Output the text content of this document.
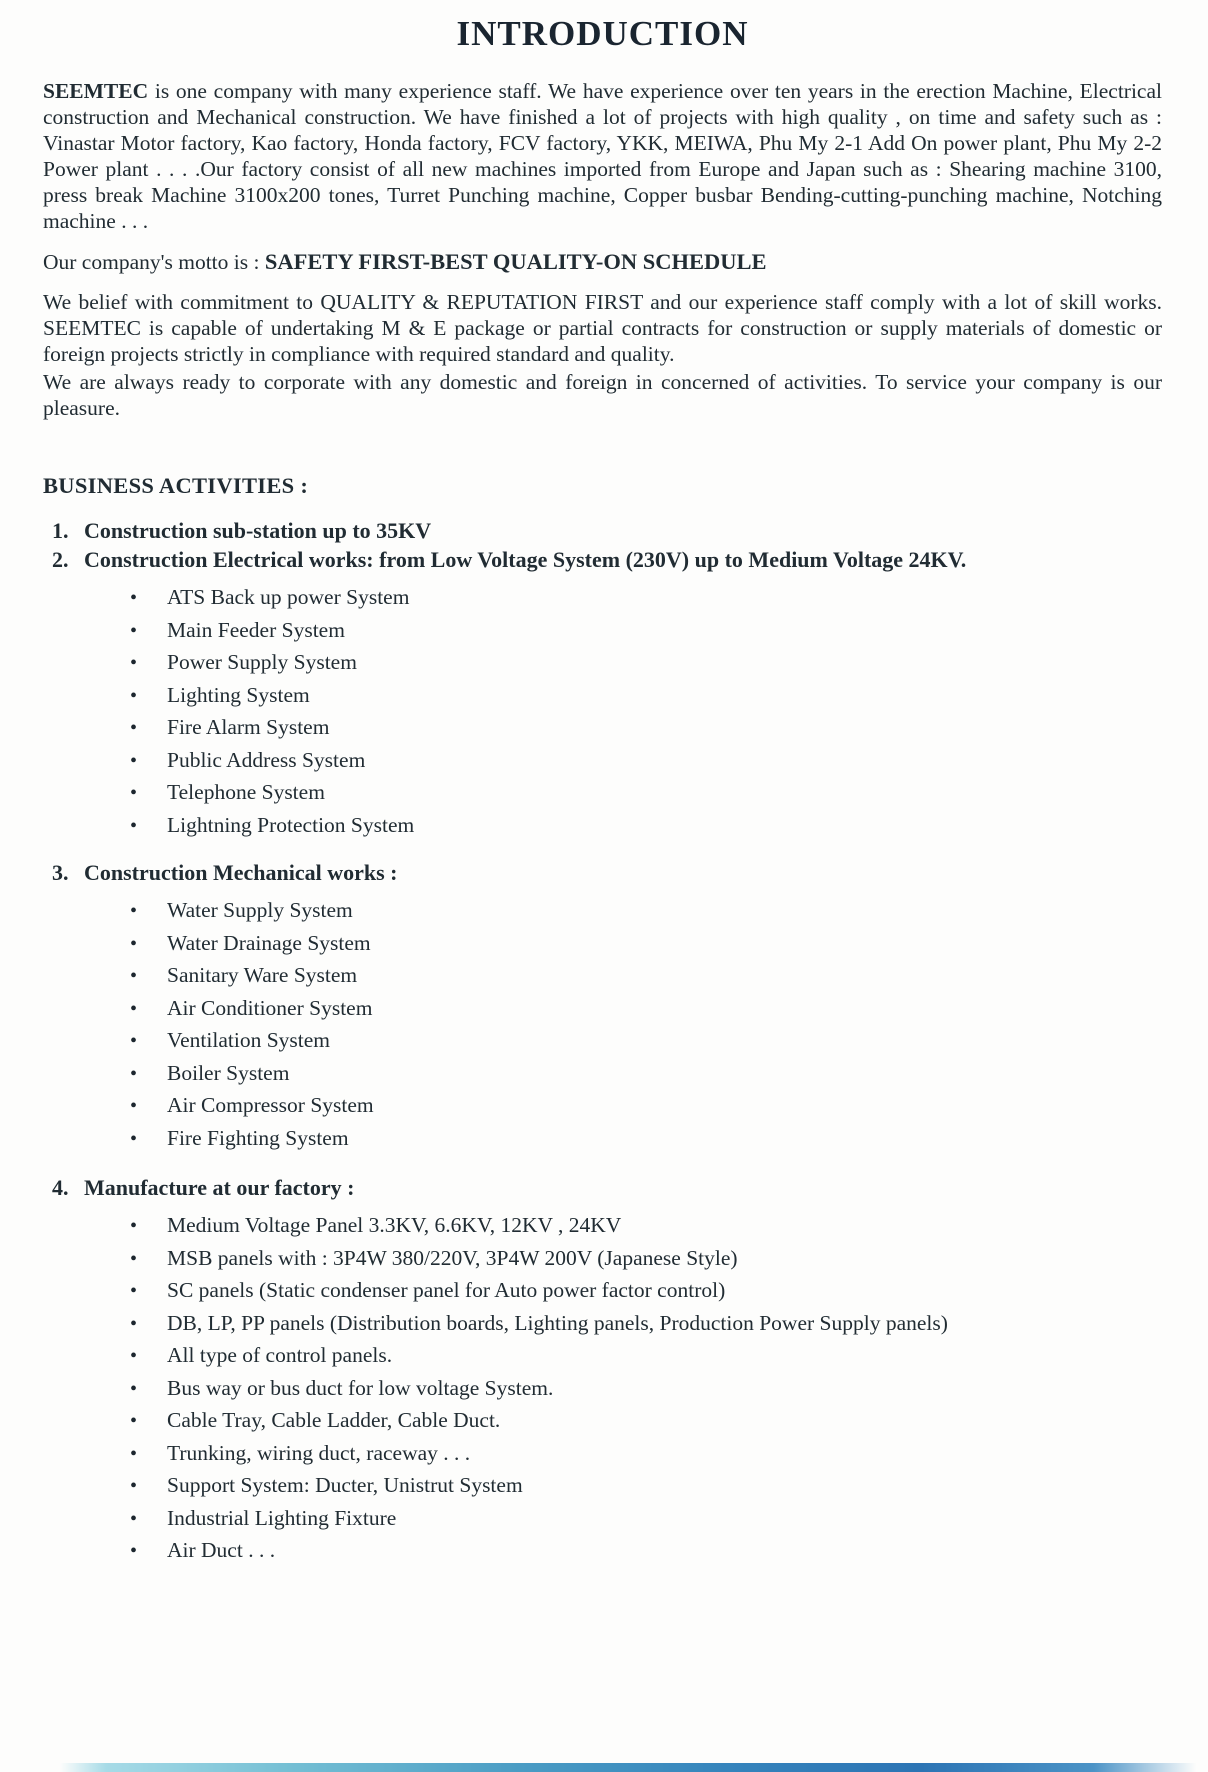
INTRODUCTION

SEEMTEC is one company with many experience staff. We have experience over ten years in the erection Machine, Electrical construction and Mechanical construction. We have finished a lot of projects with high quality , on time and safety such as : Vinastar Motor factory, Kao factory, Honda factory, FCV factory, YKK, MEIWA, Phu My 2-1 Add On power plant, Phu My 2-2 Power plant . . . .Our factory consist of all new machines imported from Europe and Japan such as : Shearing machine 3100, press break Machine 3100x200 tones, Turret Punching machine, Copper busbar Bending-cutting-punching machine, Notching machine . . .

Our company's motto is : SAFETY FIRST-BEST QUALITY-ON SCHEDULE

We belief with commitment to QUALITY & REPUTATION FIRST and our experience staff comply with a lot of skill works. SEEMTEC is capable of undertaking M & E package or partial contracts for construction or supply materials of domestic or foreign projects strictly in compliance with required standard and quality.

We are always ready to corporate with any domestic and foreign in concerned of activities. To service your company is our pleasure.

BUSINESS ACTIVITIES :
1. Construction sub-station up to 35KV
2. Construction Electrical works: from Low Voltage System (230V) up to Medium Voltage 24KV.
•	ATS Back up power System
•	Main Feeder System
•	Power Supply System
•	Lighting System
•	Fire Alarm System
•	Public Address System
•	Telephone System
•	Lightning Protection System
3. Construction Mechanical works :
•	Water Supply System
•	Water Drainage System
•	Sanitary Ware System
•	Air Conditioner System
•	Ventilation System
•	Boiler System
•	Air Compressor System
•	Fire Fighting System
4. Manufacture at our factory :
•	Medium Voltage Panel 3.3KV, 6.6KV, 12KV , 24KV
•	MSB panels with : 3P4W 380/220V, 3P4W 200V (Japanese Style)
•	SC panels (Static condenser panel for Auto power factor control)
•	DB, LP, PP panels (Distribution boards, Lighting panels, Production Power Supply panels)
•	All type of control panels.
•	Bus way or bus duct for low voltage System.
•	Cable Tray, Cable Ladder, Cable Duct.
•	Trunking, wiring duct, raceway . . .
•	Support System: Ducter, Unistrut System
•	Industrial Lighting Fixture
•	Air Duct . . .
